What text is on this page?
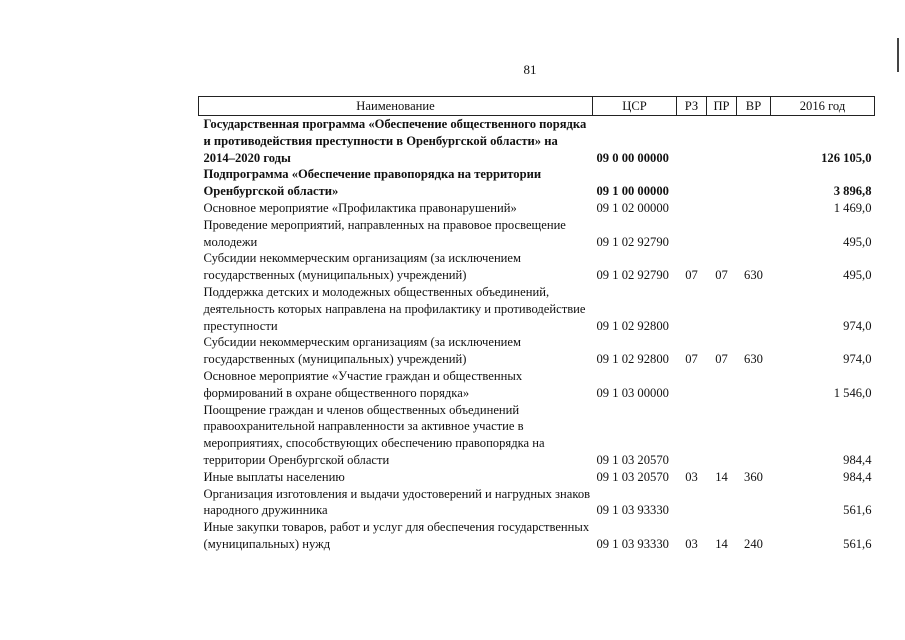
81
Наименование	ЦСР	РЗ	ПР	ВР	2016 год
Государственная программа «Обеспечение общественного порядка и противодействия преступности в Оренбургской области» на 2014–2020 годы	09 0 00 00000				126 105,0
Подпрограмма «Обеспечение правопорядка на территории Оренбургской области»	09 1 00 00000				3 896,8
Основное мероприятие «Профилактика правонарушений»	09 1 02 00000				1 469,0
Проведение мероприятий, направленных на правовое просвещение молодежи	09 1 02 92790				495,0
Субсидии некоммерческим организациям (за исключением государственных (муниципальных) учреждений)	09 1 02 92790	07	07	630	495,0
Поддержка детских и молодежных общественных объединений, деятельность которых направлена на профилактику и противодействие преступности	09 1 02 92800				974,0
Субсидии некоммерческим организациям (за исключением государственных (муниципальных) учреждений)	09 1 02 92800	07	07	630	974,0
Основное мероприятие «Участие граждан и общественных формирований в охране общественного порядка»	09 1 03 00000				1 546,0
Поощрение граждан и членов общественных объединений правоохранительной направленности за активное участие в мероприятиях, способствующих обеспечению правопорядка на территории Оренбургской области	09 1 03 20570				984,4
Иные выплаты населению	09 1 03 20570	03	14	360	984,4
Организация изготовления и выдачи удостоверений и нагрудных знаков народного дружинника	09 1 03 93330				561,6
Иные закупки товаров, работ и услуг для обеспечения государственных (муниципальных) нужд	09 1 03 93330	03	14	240	561,6
